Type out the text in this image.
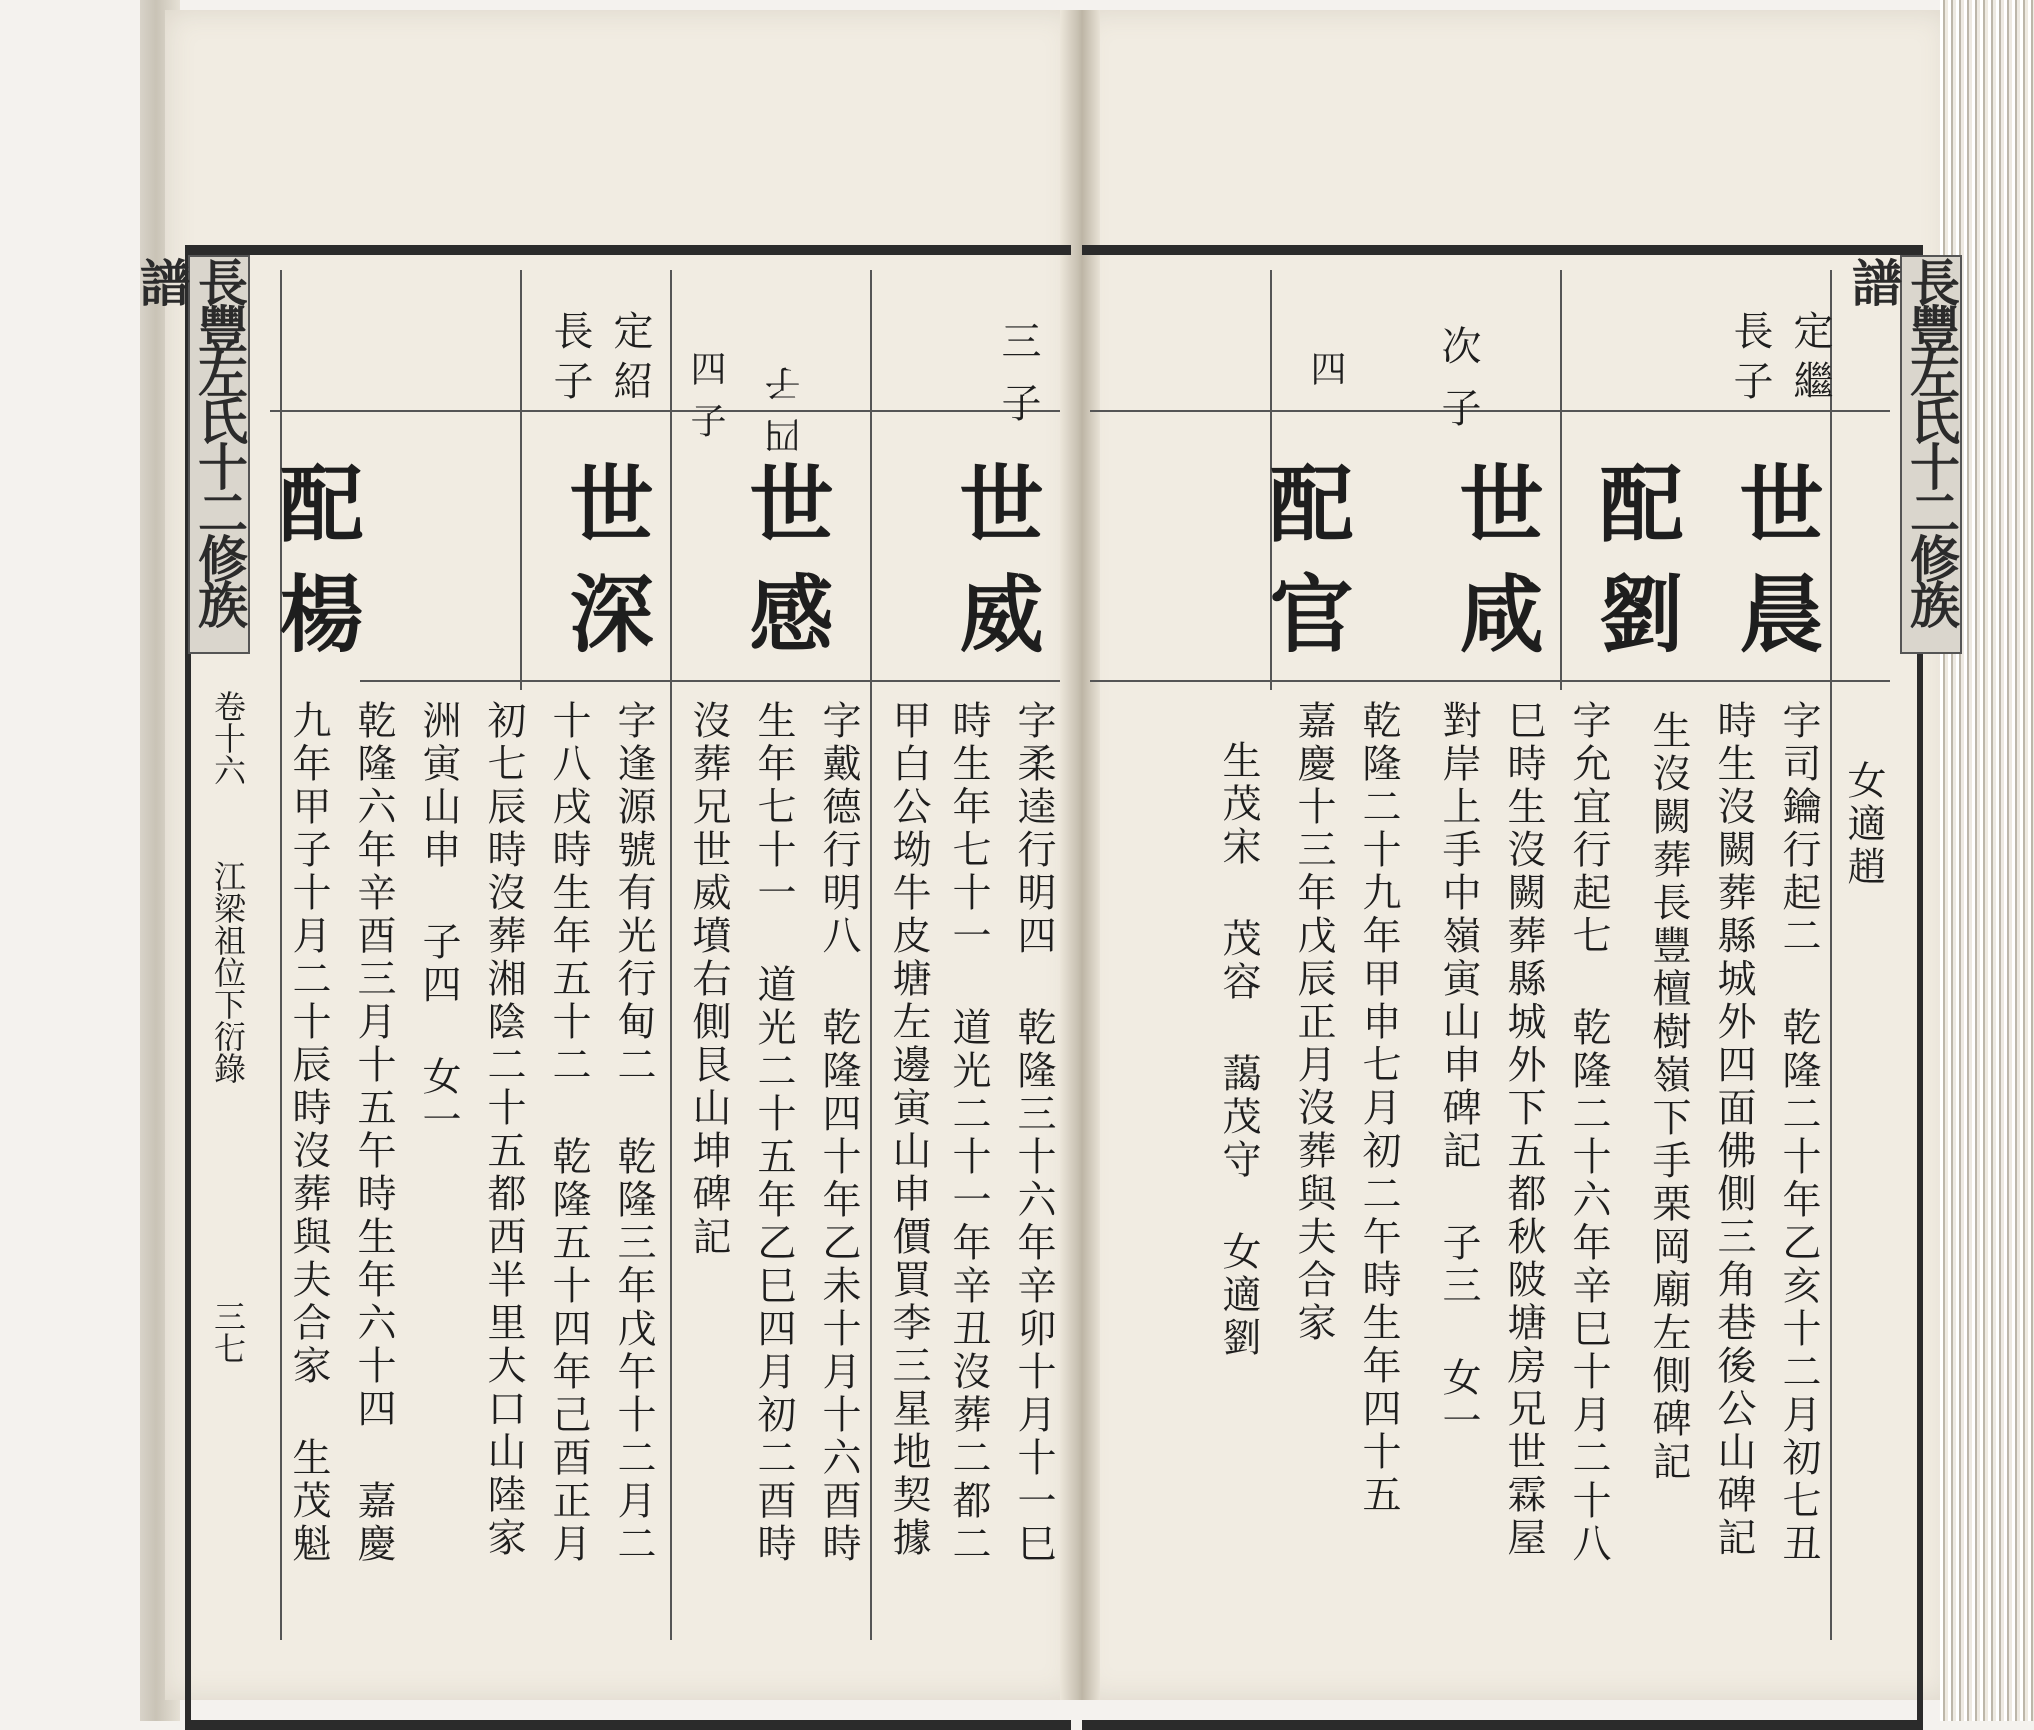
長豐左氏十二修族譜
卷十六
江梁祖位下衍錄
三七
長豐左氏十二修族譜
三子
四子
四子
定紹長子
世威
世感
世深
配楊
字柔逵行明四 乾隆三十六年辛卯十月十一巳
時生年七十一 道光二十一年辛丑沒葬二都二
甲白公坳牛皮塘左邊寅山申價買李三星地契據
字戴德行明八 乾隆四十年乙未十月十六酉時
生年七十一 道光二十五年乙巳四月初二酉時
沒葬兄世威墳右側艮山坤碑記
字逢源號有光行甸二 乾隆三年戊午十二月二
十八戌時生年五十二 乾隆五十四年己酉正月
初七辰時沒葬湘陰二十五都西半里大口山陸家
洲寅山申 子四 女一
乾隆六年辛酉三月十五午時生年六十四 嘉慶
九年甲子十月二十辰時沒葬與夫合家 生茂魁
定繼長子
次子
四
世晨
配劉
世咸
配官
女適趙
字司鑰行起二 乾隆二十年乙亥十二月初七丑
時生沒闕葬縣城外四面佛側三角巷後公山碑記
生沒闕葬長豐檀樹嶺下手栗岡廟左側碑記
字允宜行起七 乾隆二十六年辛巳十月二十八
巳時生沒闕葬縣城外下五都秋陂塘房兄世霖屋
對岸上手中嶺寅山申碑記 子三 女一
乾隆二十九年甲申七月初二午時生年四十五
嘉慶十三年戊辰正月沒葬與夫合家
生茂宋 茂容 藹茂守 女適劉
